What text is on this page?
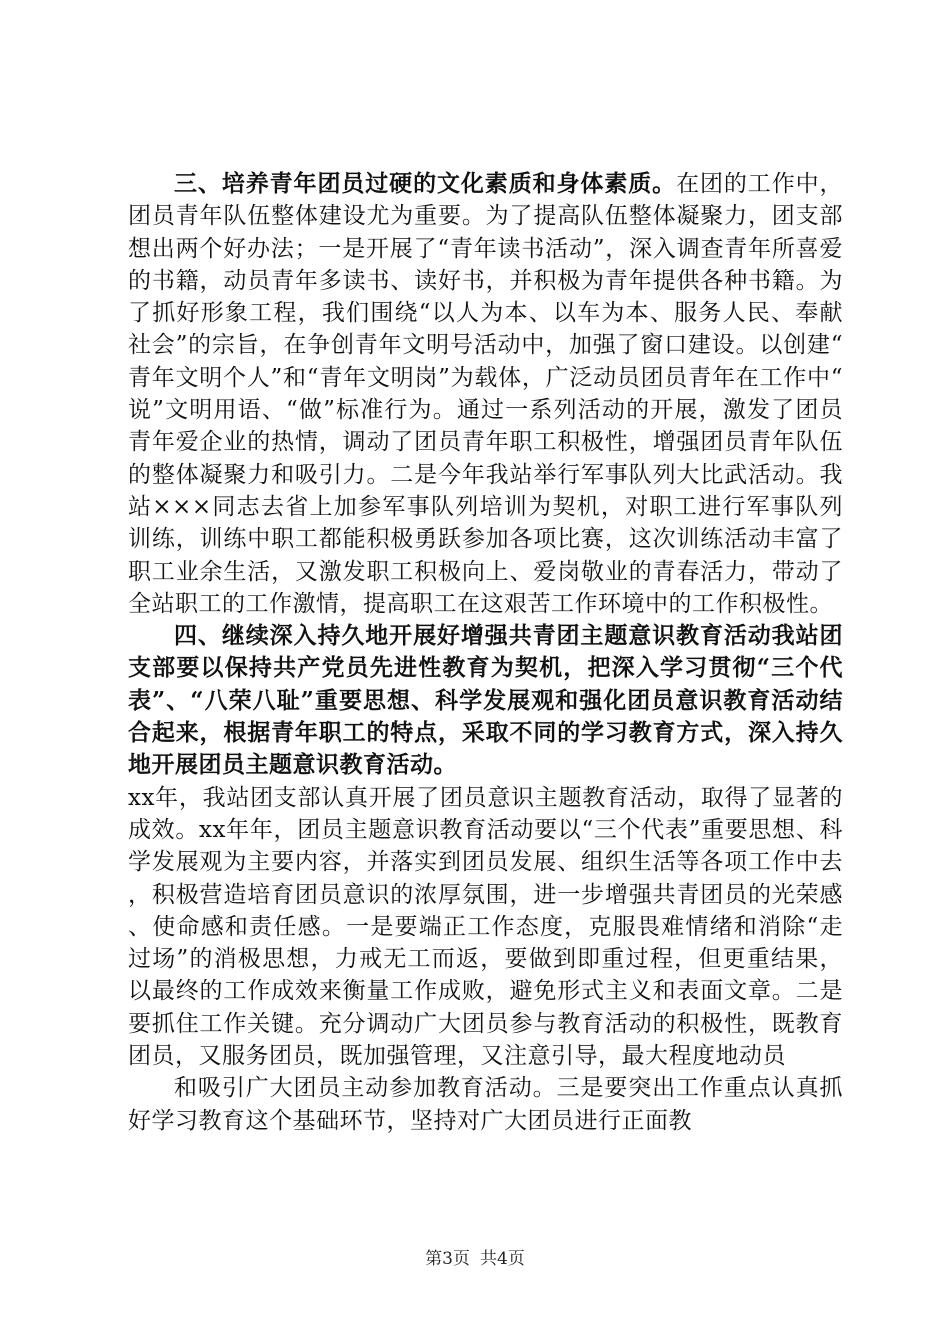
三、培养青年团员过硬的文化素质和身体素质。在团的工作中，团员青年队伍整体建设尤为重要。为了提高队伍整体凝聚力，团支部想出两个好办法；一是开展了“青年读书活动”，深入调查青年所喜爱的书籍，动员青年多读书、读好书，并积极为青年提供各种书籍。为了抓好形象工程，我们围绕“以人为本、以车为本、服务人民、奉献社会”的宗旨，在争创青年文明号活动中，加强了窗口建设。以创建“青年文明个人”和“青年文明岗”为载体，广泛动员团员青年在工作中“说”文明用语、“做”标准行为。通过一系列活动的开展，激发了团员青年爱企业的热情，调动了团员青年职工积极性，增强团员青年队伍的整体凝聚力和吸引力。二是今年我站举行军事队列大比武活动。我站×××同志去省上加参军事队列培训为契机，对职工进行军事队列训练，训练中职工都能积极勇跃参加各项比赛，这次训练活动丰富了职工业余生活，又激发职工积极向上、爱岗敬业的青春活力，带动了全站职工的工作激情，提高职工在这艰苦工作环境中的工作积极性。

四、继续深入持久地开展好增强共青团主题意识教育活动我站团支部要以保持共产党员先进性教育为契机，把深入学习贯彻“三个代表”、“八荣八耻”重要思想、科学发展观和强化团员意识教育活动结合起来，根据青年职工的特点，采取不同的学习教育方式，深入持久地开展团员主题意识教育活动。

xx年，我站团支部认真开展了团员意识主题教育活动，取得了显著的成效。xx年年，团员主题意识教育活动要以“三个代表”重要思想、科学发展观为主要内容，并落实到团员发展、组织生活等各项工作中去，积极营造培育团员意识的浓厚氛围，进一步增强共青团员的光荣感、使命感和责任感。一是要端正工作态度，克服畏难情绪和消除“走过场”的消极思想，力戒无工而返，要做到即重过程，但更重结果，以最终的工作成效来衡量工作成败，避免形式主义和表面文章。二是要抓住工作关键。充分调动广大团员参与教育活动的积极性，既教育团员，又服务团员，既加强管理，又注意引导，最大程度地动员

和吸引广大团员主动参加教育活动。三是要突出工作重点认真抓好学习教育这个基础环节，坚持对广大团员进行正面教

第3页 共4页
